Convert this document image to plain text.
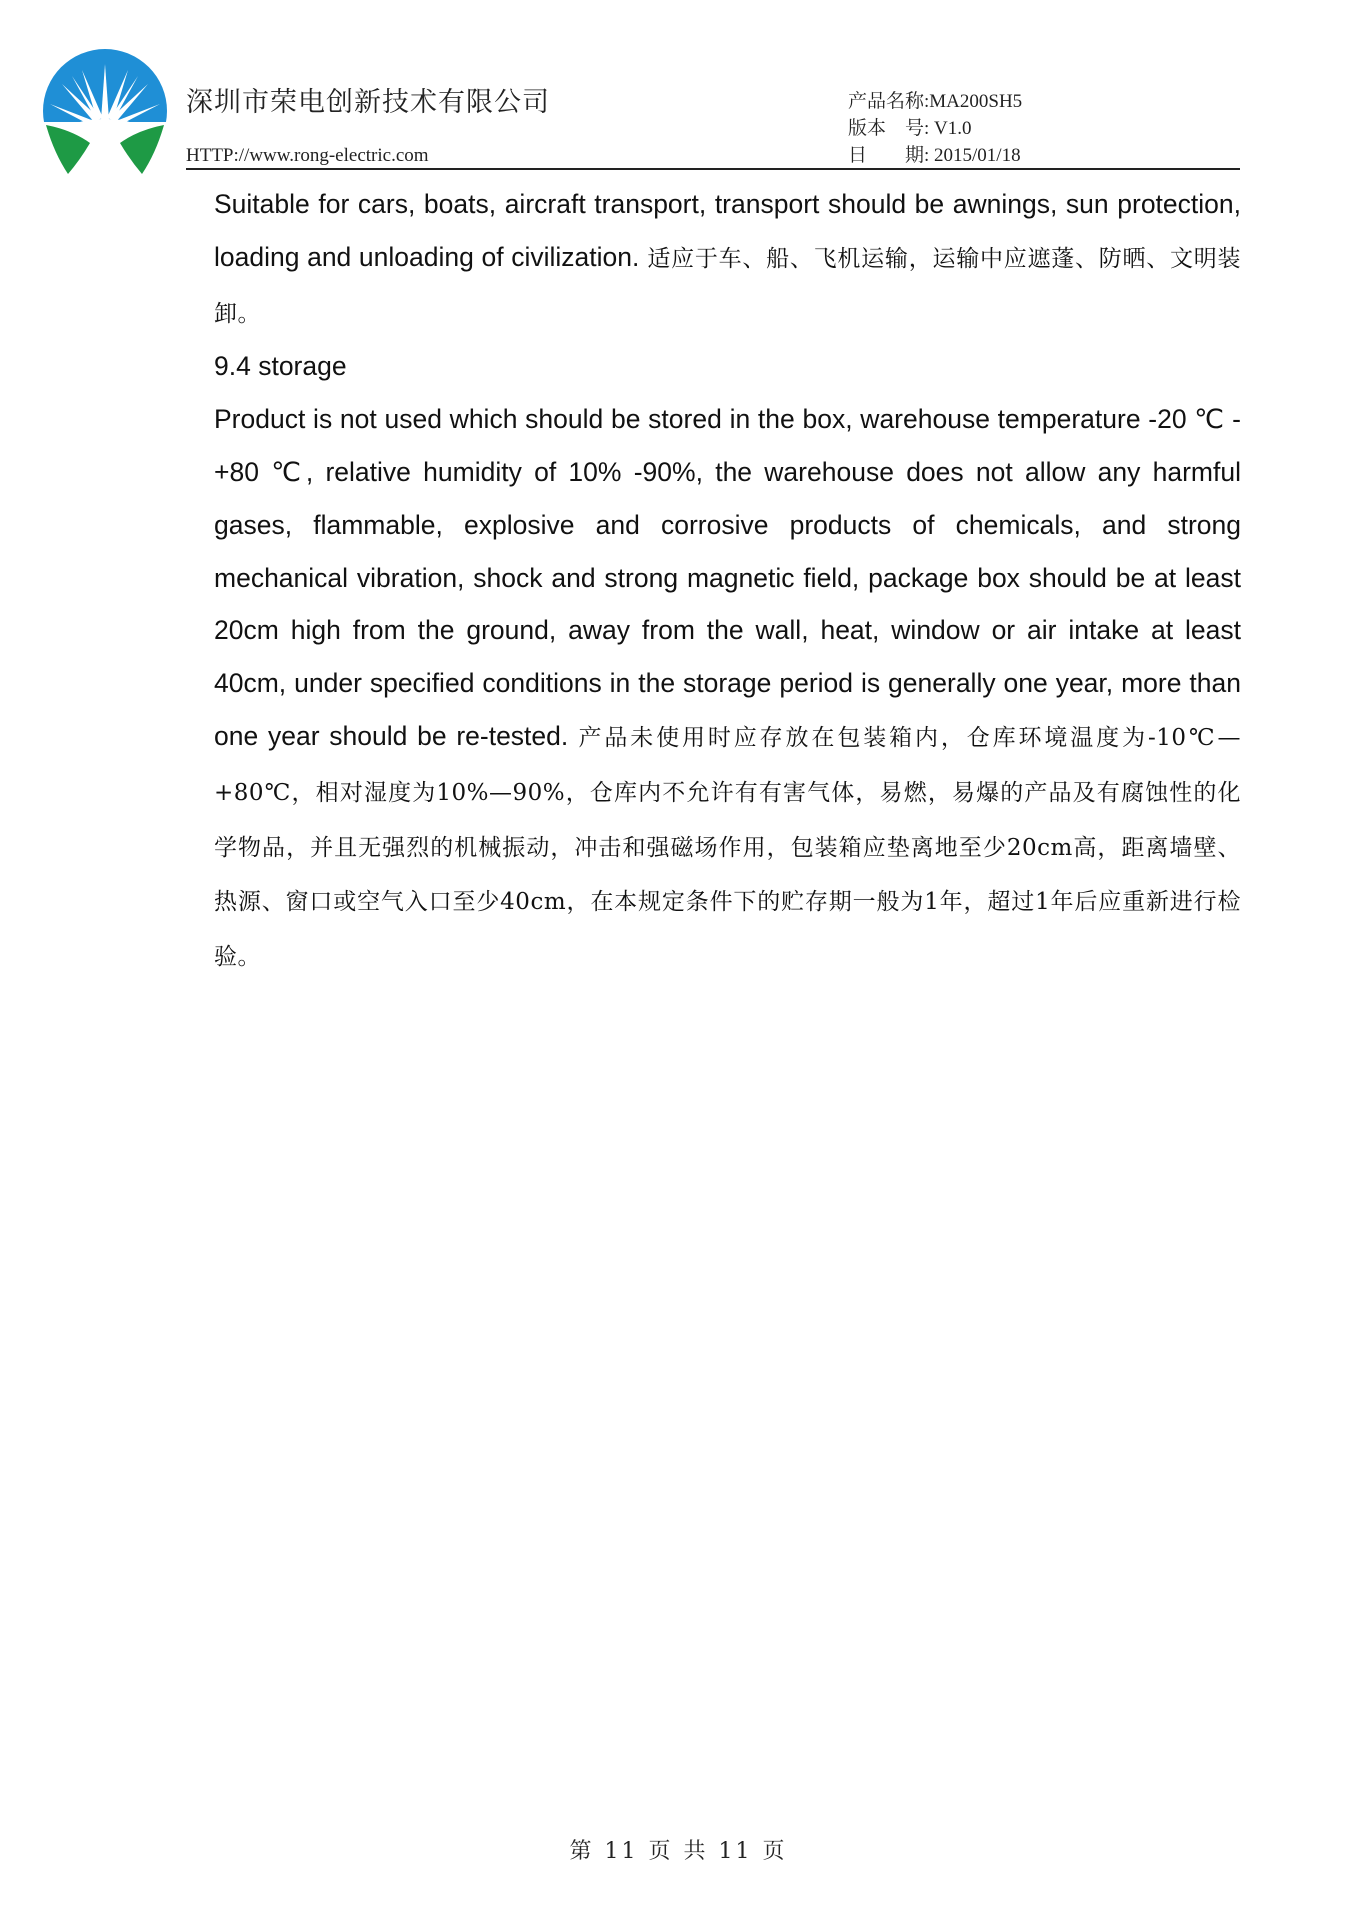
深圳市荣电创新技术有限公司
HTTP://www.rong-electric.com
产品名称:MA200SH5
版本　号: V1.0
日　　期: 2015/01/18

Suitable for cars, boats, aircraft transport, transport should be awnings, sun protection, loading and unloading of civilization. 适应于车、船、飞机运输，运输中应遮蓬、防晒、文明装卸。

9.4 storage

Product is not used which should be stored in the box, warehouse temperature -20 ℃ - +80 ℃, relative humidity of 10% -90%, the warehouse does not allow any harmful gases, flammable, explosive and corrosive products of chemicals, and strong mechanical vibration, shock and strong magnetic field, package box should be at least 20cm high from the ground, away from the wall, heat, window or air intake at least 40cm, under specified conditions in the storage period is generally one year, more than one year should be re-tested. 产品未使用时应存放在包装箱内，仓库环境温度为-10℃—+80℃，相对湿度为10%—90%，仓库内不允许有有害气体，易燃，易爆的产品及有腐蚀性的化学物品，并且无强烈的机械振动，冲击和强磁场作用，包装箱应垫离地至少20cm高，距离墙壁、热源、窗口或空气入口至少40cm，在本规定条件下的贮存期一般为1年，超过1年后应重新进行检验。

第 11 页 共 11 页
